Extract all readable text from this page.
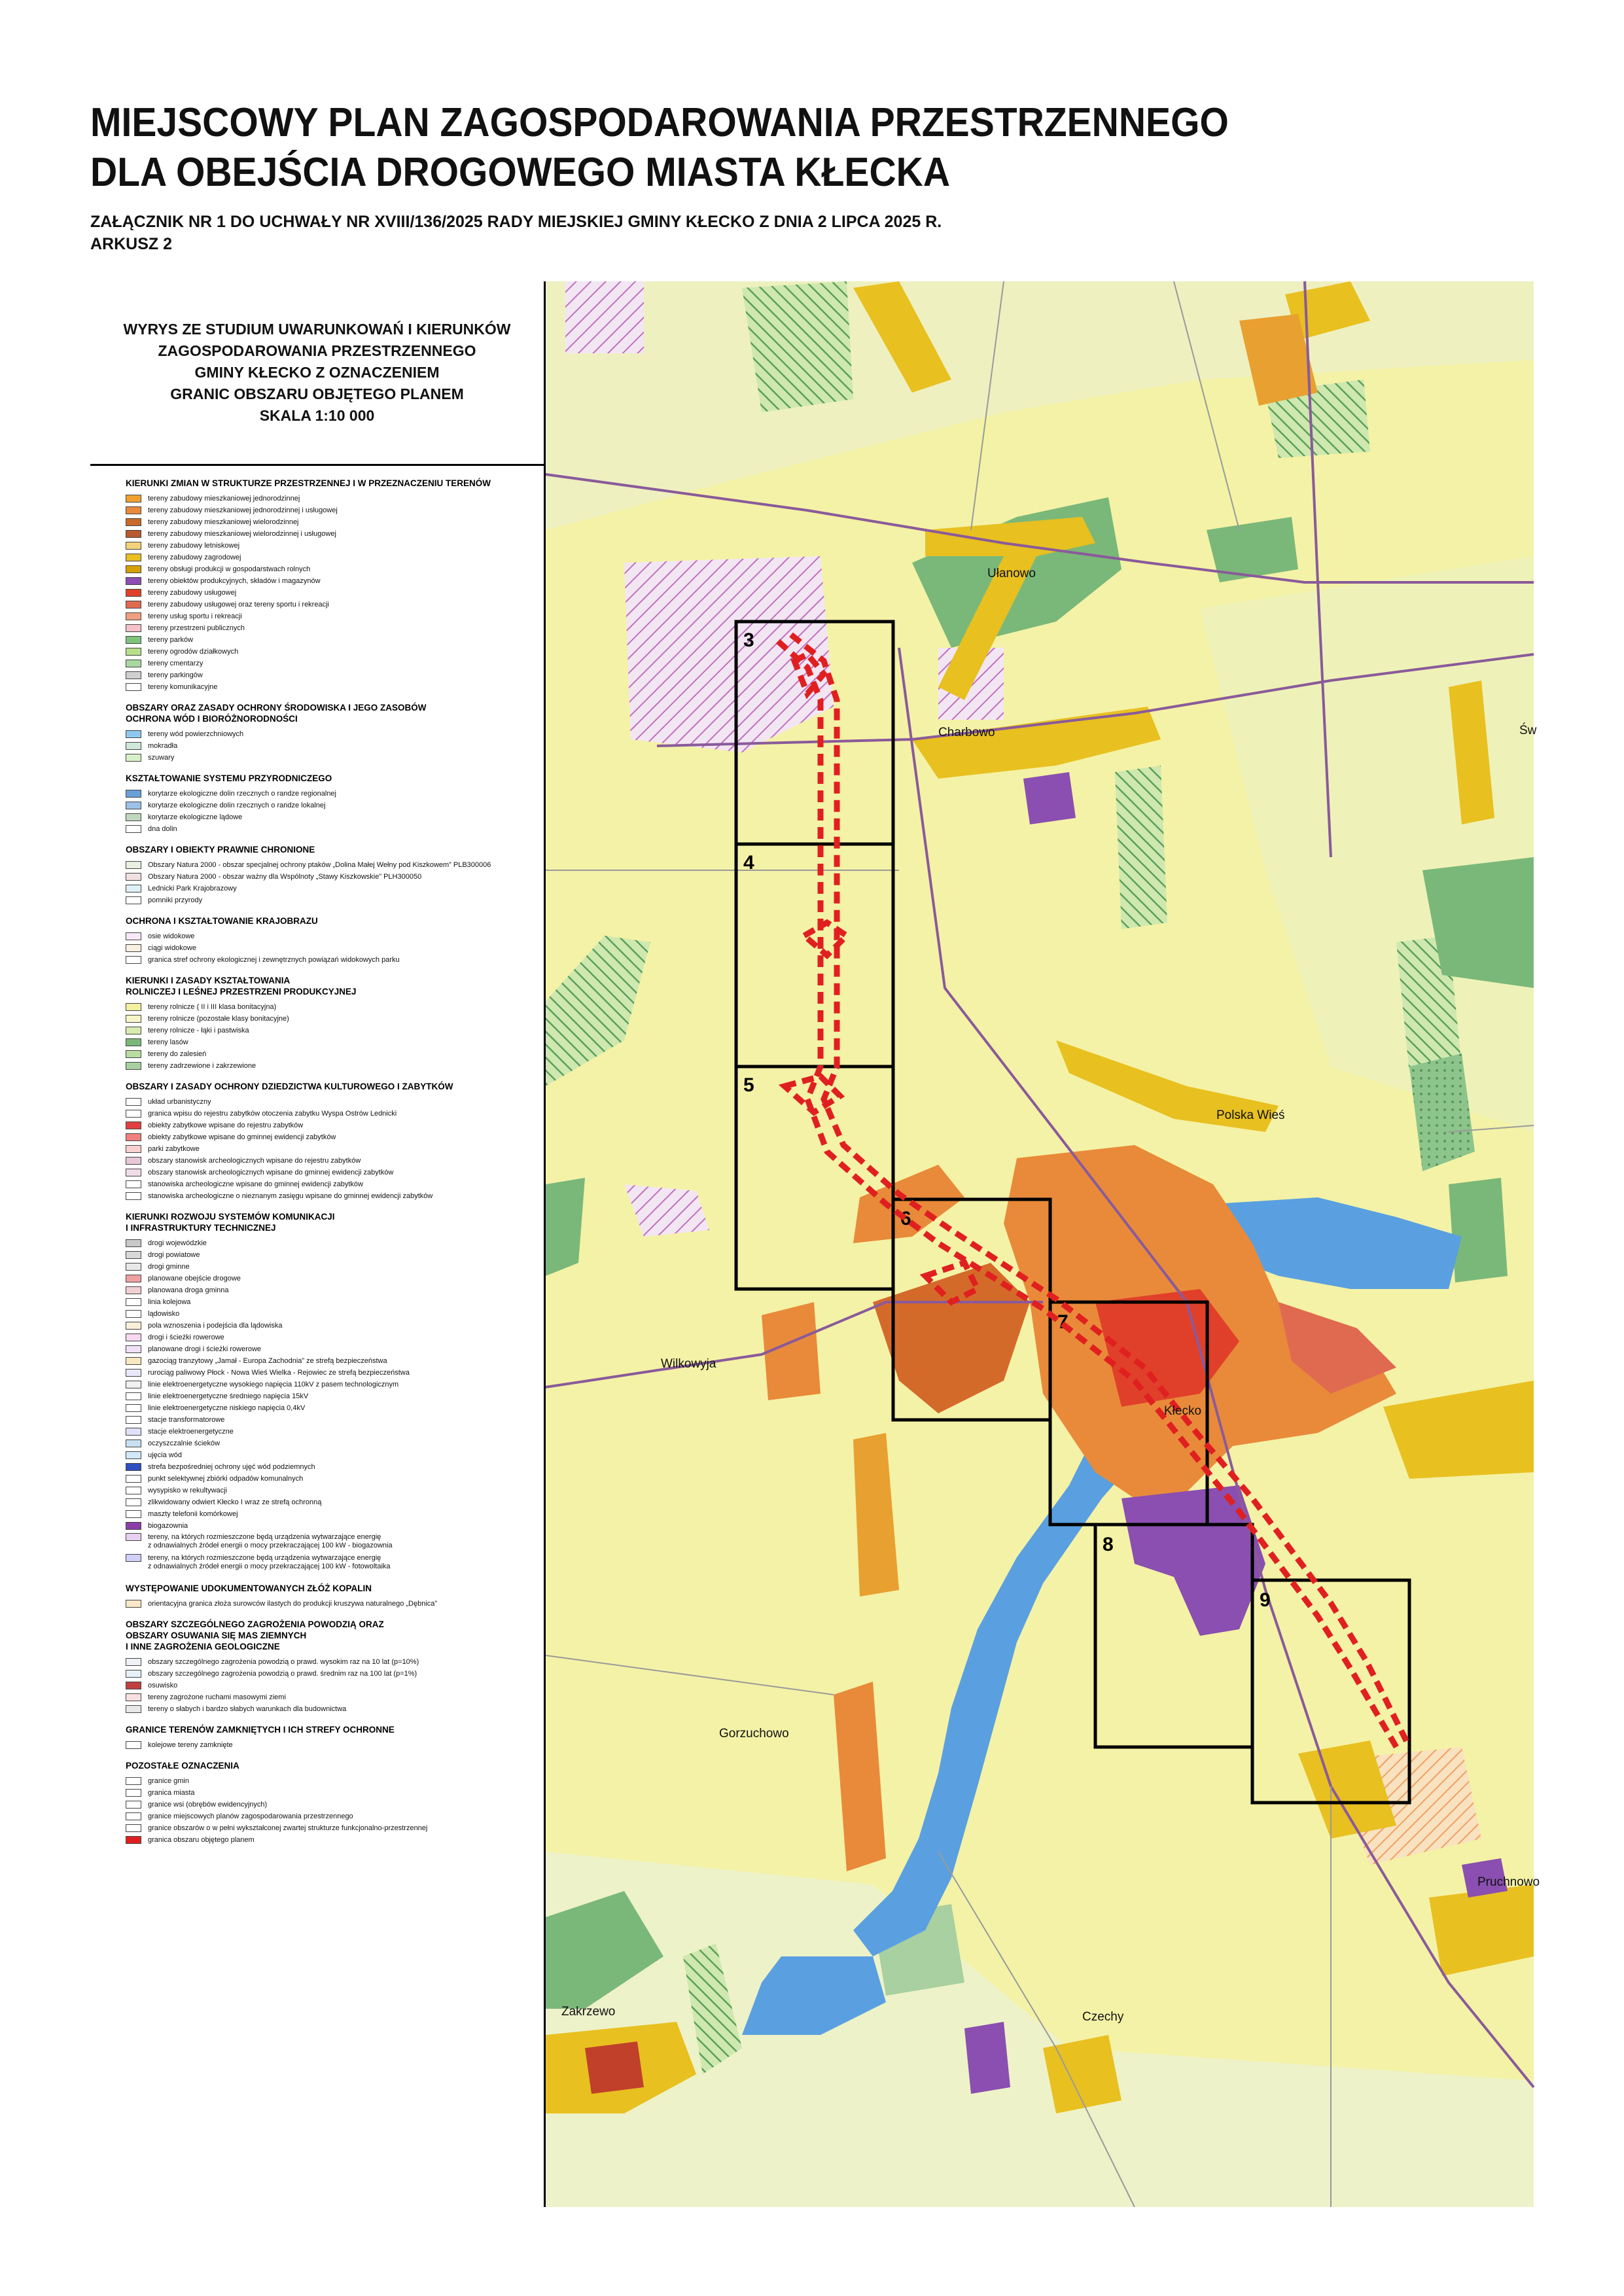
MIEJSCOWY PLAN ZAGOSPODAROWANIA PRZESTRZENNEGO
DLA OBEJŚCIA DROGOWEGO MIASTA KŁECKA
ZAŁĄCZNIK NR 1 DO UCHWAŁY NR XVIII/136/2025 RADY MIEJSKIEJ GMINY KŁECKO Z DNIA 2 LIPCA 2025 R.
ARKUSZ 2
WYRYS ZE STUDIUM UWARUNKOWAŃ I KIERUNKÓW
ZAGOSPODAROWANIA PRZESTRZENNEGO
GMINY KŁECKO Z OZNACZENIEM
GRANIC OBSZARU OBJĘTEGO PLANEM
SKALA 1:10 000
KIERUNKI ZMIAN W STRUKTURZE PRZESTRZENNEJ I W PRZEZNACZENIU TERENÓW
tereny zabudowy mieszkaniowej jednorodzinnej
tereny zabudowy mieszkaniowej jednorodzinnej i usługowej
tereny zabudowy mieszkaniowej wielorodzinnej
tereny zabudowy mieszkaniowej wielorodzinnej i usługowej
tereny zabudowy letniskowej
tereny zabudowy zagrodowej
tereny obsługi produkcji w gospodarstwach rolnych
tereny obiektów produkcyjnych, składów i magazynów
tereny zabudowy usługowej
tereny zabudowy usługowej oraz tereny sportu i rekreacji
tereny usług sportu i rekreacji
tereny przestrzeni publicznych
tereny parków
tereny ogrodów działkowych
tereny cmentarzy
tereny parkingów
tereny komunikacyjne
OBSZARY ORAZ ZASADY OCHRONY ŚRODOWISKA I JEGO ZASOBÓW
OCHRONA WÓD I BIORÓŻNORODNOŚCI
tereny wód powierzchniowych
mokradła
szuwary
KSZTAŁTOWANIE SYSTEMU PRZYRODNICZEGO
korytarze ekologiczne dolin rzecznych o randze regionalnej
korytarze ekologiczne dolin rzecznych o randze lokalnej
korytarze ekologiczne lądowe
dna dolin
OBSZARY I OBIEKTY PRAWNIE CHRONIONE
Obszary Natura 2000 - obszar specjalnej ochrony ptaków „Dolina Małej Wełny pod Kiszkowem” PLB300006
Obszary Natura 2000 - obszar ważny dla Wspólnoty „Stawy Kiszkowskie” PLH300050
Lednicki Park Krajobrazowy
pomniki przyrody
OCHRONA I KSZTAŁTOWANIE KRAJOBRAZU
osie widokowe
ciągi widokowe
granica stref ochrony ekologicznej i zewnętrznych powiązań widokowych parku
KIERUNKI I ZASADY KSZTAŁTOWANIA
ROLNICZEJ I LEŚNEJ PRZESTRZENI PRODUKCYJNEJ
tereny rolnicze ( II i III klasa bonitacyjna)
tereny rolnicze (pozostałe klasy bonitacyjne)
tereny rolnicze - łąki i pastwiska
tereny lasów
tereny do zalesień
tereny zadrzewione i zakrzewione
OBSZARY I ZASADY OCHRONY DZIEDZICTWA KULTUROWEGO I ZABYTKÓW
układ urbanistyczny
granica wpisu do rejestru zabytków otoczenia zabytku Wyspa Ostrów Lednicki
obiekty zabytkowe wpisane do rejestru zabytków
obiekty zabytkowe wpisane do gminnej ewidencji zabytków
parki zabytkowe
obszary stanowisk archeologicznych wpisane do rejestru zabytków
obszary stanowisk archeologicznych wpisane do gminnej ewidencji zabytków
stanowiska archeologiczne wpisane do gminnej ewidencji zabytków
stanowiska archeologiczne o nieznanym zasięgu wpisane do gminnej ewidencji zabytków
KIERUNKI ROZWOJU SYSTEMÓW KOMUNIKACJI
I INFRASTRUKTURY TECHNICZNEJ
drogi wojewódzkie
drogi powiatowe
drogi gminne
planowane obejście drogowe
planowana droga gminna
linia kolejowa
lądowisko
pola wznoszenia i podejścia dla lądowiska
drogi i ścieżki rowerowe
planowane drogi i ścieżki rowerowe
gazociąg tranzytowy „Jamał - Europa Zachodnia” ze strefą bezpieczeństwa
rurociąg paliwowy Płock - Nowa Wieś Wielka - Rejowiec ze strefą bezpieczeństwa
linie elektroenergetyczne wysokiego napięcia 110kV z pasem technologicznym
linie elektroenergetyczne średniego napięcia 15kV
linie elektroenergetyczne niskiego napięcia 0,4kV
stacje transformatorowe
stacje elektroenergetyczne
oczyszczalnie ścieków
ujęcia wód
strefa bezpośredniej ochrony ujęć wód podziemnych
punkt selektywnej zbiórki odpadów komunalnych
wysypisko w rekultywacji
zlikwidowany odwiert Kłecko I wraz ze strefą ochronną
maszty telefonii komórkowej
biogazownia
tereny, na których rozmieszczone będą urządzenia wytwarzające energię
z odnawialnych źródeł energii o mocy przekraczającej 100 kW - biogazownia
tereny, na których rozmieszczone będą urządzenia wytwarzające energię
z odnawialnych źródeł energii o mocy przekraczającej 100 kW - fotowoltaika
WYSTĘPOWANIE UDOKUMENTOWANYCH ZŁÓŻ KOPALIN
orientacyjna granica złoża surowców ilastych do produkcji kruszywa naturalnego „Dębnica”
OBSZARY SZCZEGÓLNEGO ZAGROŻENIA POWODZIĄ ORAZ
OBSZARY OSUWANIA SIĘ MAS ZIEMNYCH
I INNE ZAGROŻENIA GEOLOGICZNE
obszary szczególnego zagrożenia powodzią o prawd. wysokim raz na 10 lat (p=10%)
obszary szczególnego zagrożenia powodzią o prawd. średnim raz na 100 lat (p=1%)
osuwisko
tereny zagrożone ruchami masowymi ziemi
tereny o słabych i bardzo słabych warunkach dla budownictwa
GRANICE TERENÓW ZAMKNIĘTYCH I ICH STREFY OCHRONNE
kolejowe tereny zamknięte
POZOSTAŁE OZNACZENIA
granice gmin
granica miasta
granice wsi (obrębów ewidencyjnych)
granice miejscowych planów zagospodarowania przestrzennego
granice obszarów o w pełni wykształconej zwartej strukturze funkcjonalno-przestrzennej
granica obszaru objętego planem
3
4
5
6
7
8
9
Ułanowo
Charbowo
Polska Wieś
Wilkowyja
Kłecko
Gorzuchowo
Zakrzewo	Czechy
Pruchnowo
Św
